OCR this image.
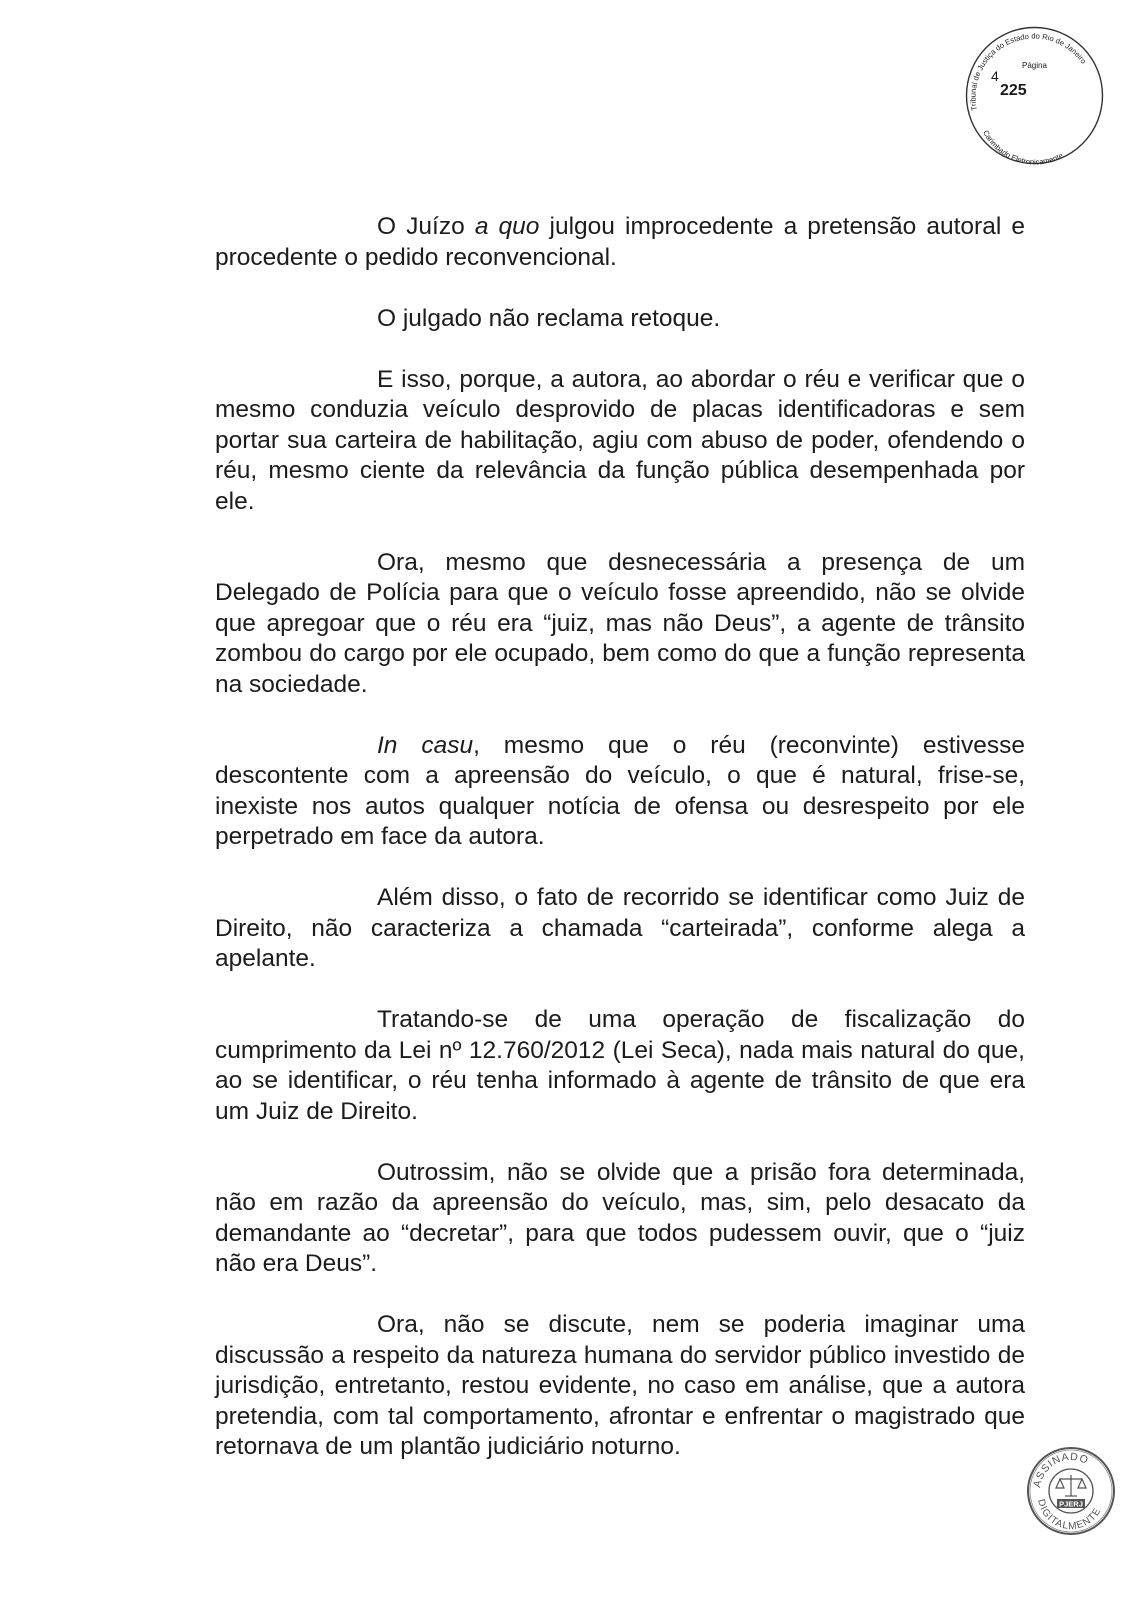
Tribunal de Justiça do Estado do Rio de Janeiro
Carimbado Eletronicamente
Página
4
225

O Juízo a quo julgou improcedente a pretensão autoral e procedente o pedido reconvencional.

O julgado não reclama retoque.

E isso, porque, a autora, ao abordar o réu e verificar que o mesmo conduzia veículo desprovido de placas identificadoras e sem portar sua carteira de habilitação, agiu com abuso de poder, ofendendo o réu, mesmo ciente da relevância da função pública desempenhada por ele.

Ora, mesmo que desnecessária a presença de um Delegado de Polícia para que o veículo fosse apreendido, não se olvide que apregoar que o réu era “juiz, mas não Deus”, a agente de trânsito zombou do cargo por ele ocupado, bem como do que a função representa na sociedade.

In casu, mesmo que o réu (reconvinte) estivesse descontente com a apreensão do veículo, o que é natural, frise-se, inexiste nos autos qualquer notícia de ofensa ou desrespeito por ele perpetrado em face da autora.

Além disso, o fato de recorrido se identificar como Juiz de Direito, não caracteriza a chamada “carteirada”, conforme alega a apelante.

Tratando-se de uma operação de fiscalização do cumprimento da Lei nº 12.760/2012 (Lei Seca), nada mais natural do que, ao se identificar, o réu tenha informado à agente de trânsito de que era um Juiz de Direito.

Outrossim, não se olvide que a prisão fora determinada, não em razão da apreensão do veículo, mas, sim, pelo desacato da demandante ao “decretar”, para que todos pudessem ouvir, que o “juiz não era Deus”.

Ora, não se discute, nem se poderia imaginar uma discussão a respeito da natureza humana do servidor público investido de jurisdição, entretanto, restou evidente, no caso em análise, que a autora pretendia, com tal comportamento, afrontar e enfrentar o magistrado que retornava de um plantão judiciário noturno.

ASSINADO
DIGITALMENTE
PJERJ
